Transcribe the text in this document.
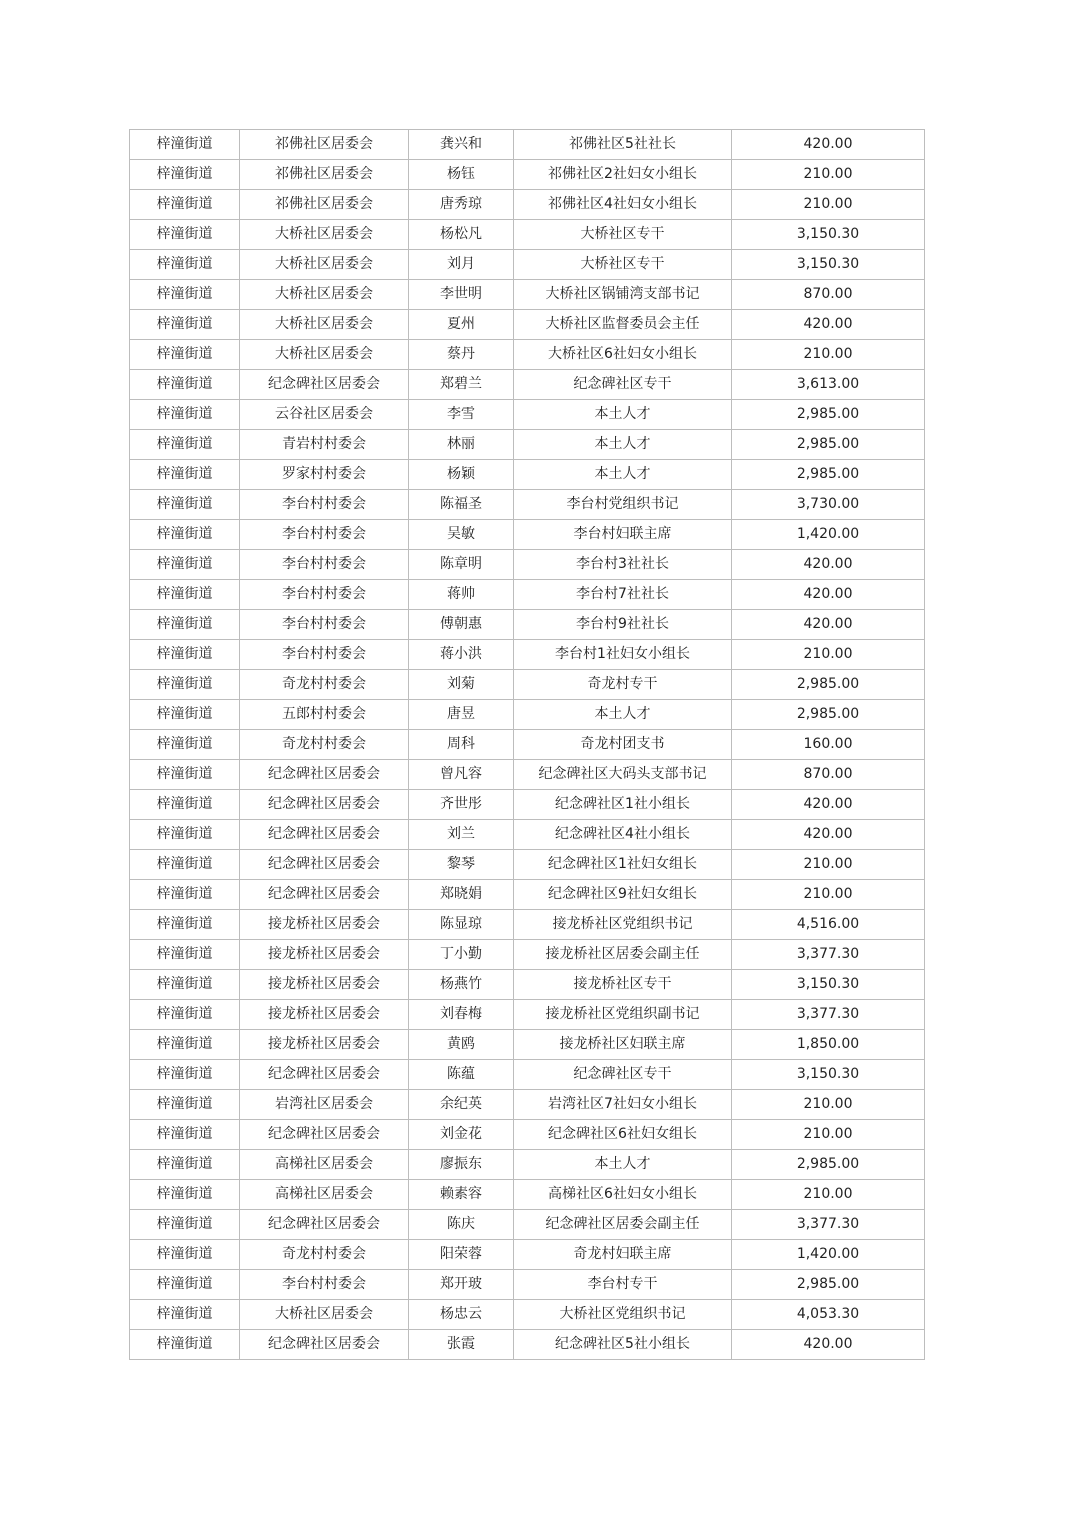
梓潼街道	祁佛社区居委会	龚兴和	祁佛社区5社社长	420.00
梓潼街道	祁佛社区居委会	杨钰	祁佛社区2社妇女小组长	210.00
梓潼街道	祁佛社区居委会	唐秀琼	祁佛社区4社妇女小组长	210.00
梓潼街道	大桥社区居委会	杨松凡	大桥社区专干	3,150.30
梓潼街道	大桥社区居委会	刘月	大桥社区专干	3,150.30
梓潼街道	大桥社区居委会	李世明	大桥社区锅铺湾支部书记	870.00
梓潼街道	大桥社区居委会	夏州	大桥社区监督委员会主任	420.00
梓潼街道	大桥社区居委会	蔡丹	大桥社区6社妇女小组长	210.00
梓潼街道	纪念碑社区居委会	郑碧兰	纪念碑社区专干	3,613.00
梓潼街道	云谷社区居委会	李雪	本土人才	2,985.00
梓潼街道	青岩村村委会	林丽	本土人才	2,985.00
梓潼街道	罗家村村委会	杨颖	本土人才	2,985.00
梓潼街道	李台村村委会	陈福圣	李台村党组织书记	3,730.00
梓潼街道	李台村村委会	吴敏	李台村妇联主席	1,420.00
梓潼街道	李台村村委会	陈章明	李台村3社社长	420.00
梓潼街道	李台村村委会	蒋帅	李台村7社社长	420.00
梓潼街道	李台村村委会	傅朝惠	李台村9社社长	420.00
梓潼街道	李台村村委会	蒋小洪	李台村1社妇女小组长	210.00
梓潼街道	奇龙村村委会	刘菊	奇龙村专干	2,985.00
梓潼街道	五郎村村委会	唐昱	本土人才	2,985.00
梓潼街道	奇龙村村委会	周科	奇龙村团支书	160.00
梓潼街道	纪念碑社区居委会	曾凡容	纪念碑社区大码头支部书记	870.00
梓潼街道	纪念碑社区居委会	齐世彤	纪念碑社区1社小组长	420.00
梓潼街道	纪念碑社区居委会	刘兰	纪念碑社区4社小组长	420.00
梓潼街道	纪念碑社区居委会	黎琴	纪念碑社区1社妇女组长	210.00
梓潼街道	纪念碑社区居委会	郑晓娟	纪念碑社区9社妇女组长	210.00
梓潼街道	接龙桥社区居委会	陈显琼	接龙桥社区党组织书记	4,516.00
梓潼街道	接龙桥社区居委会	丁小勤	接龙桥社区居委会副主任	3,377.30
梓潼街道	接龙桥社区居委会	杨燕竹	接龙桥社区专干	3,150.30
梓潼街道	接龙桥社区居委会	刘春梅	接龙桥社区党组织副书记	3,377.30
梓潼街道	接龙桥社区居委会	黄鸥	接龙桥社区妇联主席	1,850.00
梓潼街道	纪念碑社区居委会	陈蕴	纪念碑社区专干	3,150.30
梓潼街道	岩湾社区居委会	余纪英	岩湾社区7社妇女小组长	210.00
梓潼街道	纪念碑社区居委会	刘金花	纪念碑社区6社妇女组长	210.00
梓潼街道	高梯社区居委会	廖振东	本土人才	2,985.00
梓潼街道	高梯社区居委会	赖素容	高梯社区6社妇女小组长	210.00
梓潼街道	纪念碑社区居委会	陈庆	纪念碑社区居委会副主任	3,377.30
梓潼街道	奇龙村村委会	阳荣蓉	奇龙村妇联主席	1,420.00
梓潼街道	李台村村委会	郑开玻	李台村专干	2,985.00
梓潼街道	大桥社区居委会	杨忠云	大桥社区党组织书记	4,053.30
梓潼街道	纪念碑社区居委会	张霞	纪念碑社区5社小组长	420.00
